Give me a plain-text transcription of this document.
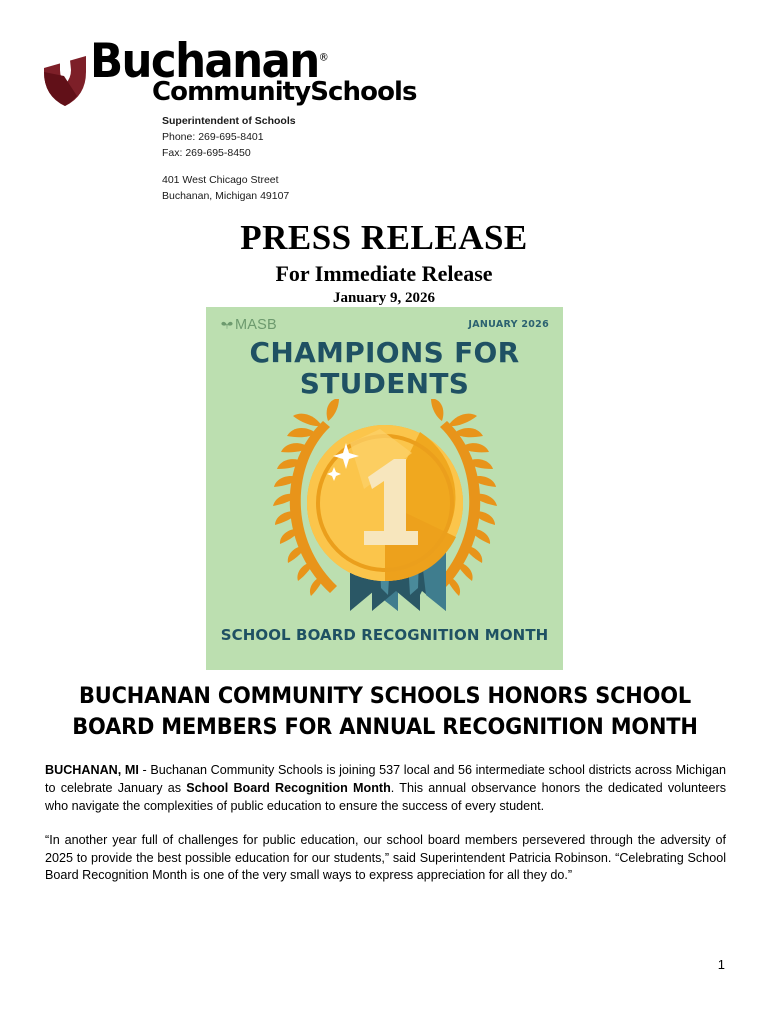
Buchanan®
CommunitySchools
Superintendent of Schools
Phone: 269-695-8401
Fax: 269-695-8450
401 West Chicago Street
Buchanan, Michigan 49107
PRESS RELEASE
For Immediate Release
January 9, 2026
MASB	JANUARY 2026
CHAMPIONS FOR
STUDENTS
SCHOOL BOARD RECOGNITION MONTH
BUCHANAN COMMUNITY SCHOOLS HONORS SCHOOL BOARD MEMBERS FOR ANNUAL RECOGNITION MONTH

BUCHANAN, MI - Buchanan Community Schools is joining 537 local and 56 intermediate school districts across Michigan to celebrate January as School Board Recognition Month. This annual observance honors the dedicated volunteers who navigate the complexities of public education to ensure the success of every student.

“In another year full of challenges for public education, our school board members persevered through the adversity of 2025 to provide the best possible education for our students,” said Superintendent Patricia Robinson. “Celebrating School Board Recognition Month is one of the very small ways to express appreciation for all they do.”

1
